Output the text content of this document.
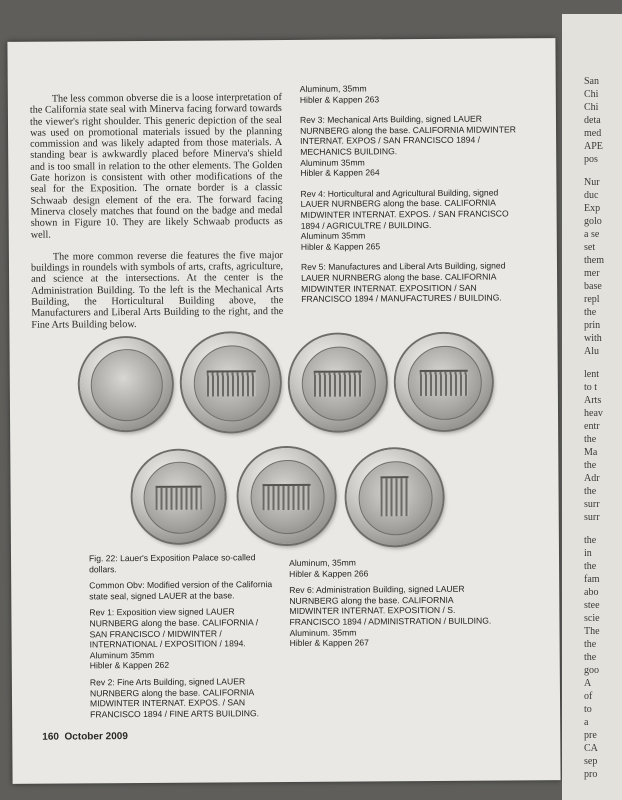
The less common obverse die is a loose interpretation of the California state seal with Minerva facing forward towards the viewer's right shoulder. This generic depiction of the seal was used on promotional materials issued by the planning commission and was likely adapted from those materials. A standing bear is awkwardly placed before Minerva's shield and is too small in relation to the other elements. The Golden Gate horizon is consistent with other modifications of the seal for the Exposition. The ornate border is a classic Schwaab design element of the era. The forward facing Minerva closely matches that found on the badge and medal shown in Figure 10. They are likely Schwaab products as well.

The more common reverse die features the five major buildings in roundels with symbols of arts, crafts, agriculture, and science at the intersections. At the center is the Administration Building. To the left is the Mechanical Arts Building, the Horticultural Building above, the Manufacturers and Liberal Arts Building to the right, and the Fine Arts Building below.

Aluminum, 35mm
Hibler & Kappen 263

Rev 3: Mechanical Arts Building, signed LAUER NURNBERG along the base. CALIFORNIA MIDWINTER INTERNAT. EXPOS / SAN FRANCISCO 1894 / MECHANICS BUILDING.
Aluminum 35mm
Hibler & Kappen 264

Rev 4: Horticultural and Agricultural Building, signed LAUER NURNBERG along the base. CALIFORNIA MIDWINTER INTERNAT. EXPOS. / SAN FRANCISCO 1894 / AGRICULTRE / BUILDING.
Aluminum 35mm
Hibler & Kappen 265

Rev 5: Manufactures and Liberal Arts Building, signed LAUER NURNBERG along the base. CALIFORNIA MIDWINTER INTERNAT. EXPOSITION / SAN FRANCISCO 1894 / MANUFACTURES / BUILDING.

Fig. 22: Lauer's Exposition Palace so-called dollars.

Common Obv: Modified version of the California state seal, signed LAUER at the base.

Rev 1: Exposition view signed LAUER NURNBERG along the base. CALIFORNIA / SAN FRANCISCO / MIDWINTER / INTERNATIONAL / EXPOSITION / 1894. Aluminum 35mm
Hibler & Kappen 262

Rev 2: Fine Arts Building, signed LAUER NURNBERG along the base. CALIFORNIA MIDWINTER INTERNAT. EXPOS. / SAN FRANCISCO 1894 / FINE ARTS BUILDING.

Aluminum, 35mm
Hibler & Kappen 266

Rev 6: Administration Building, signed LAUER NURNBERG along the base. CALIFORNIA MIDWINTER INTERNAT. EXPOSITION / S. FRANCISCO 1894 / ADMINISTRATION / BUILDING.
Aluminum. 35mm
Hibler & Kappen 267

160  October 2009
San
Chi
Chi
deta
med
APE
pos
Nur
duc
Exp
golo
a se
set
them
mer
base
repl
the
prin
with
Alu
lent
to t
Arts
heav
entr
the
Ma
the
Adr
the
surr
surr
the
in
the
fam
abo
stee
scie
The
the
the
goo
A
of
to
a
pre
CA
sep
pro
